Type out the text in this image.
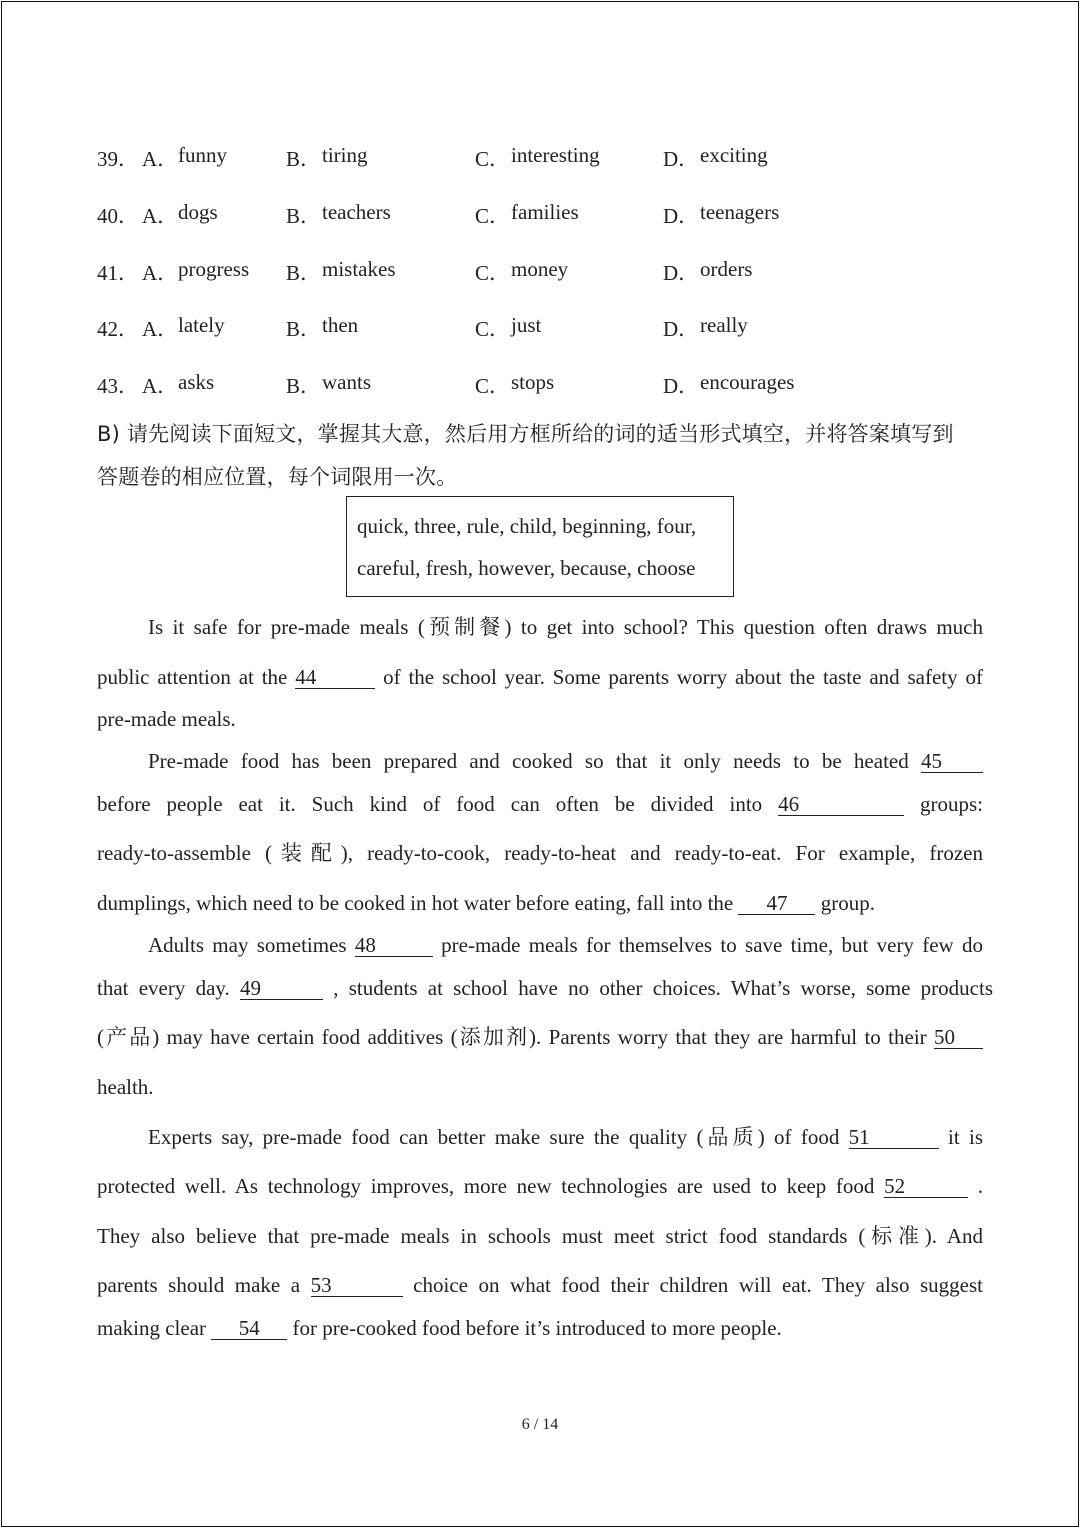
39． A． funny	B． tiring	C． interesting	D． exciting
40． A． dogs	B． teachers	C． families	D． teenagers
41． A． progress B． mistakes	C． money	D． orders
42． A． lately	B． then	C． just	D． really
43． A． asks	B． wants	C． stops	D． encourages
B) 请先阅读下面短文，掌握其大意，然后用方框所给的词的适当形式填空，并将答案填写到
答题卷的相应位置，每个词限用一次。
quick, three, rule, child, beginning, four,
careful, fresh, however, because, choose
Is it safe for pre-made meals (预制餐) to get into school? This question often draws much
public attention at the 44	of the school year. Some parents worry about the taste and safety of
pre-made meals.
Pre-made food has been prepared and cooked so that it only needs to be heated 45
before people eat it. Such kind of food can often be divided into 46	groups:
ready-to-assemble (装配), ready-to-cook, ready-to-heat and ready-to-eat. For example, frozen
dumplings, which need to be cooked in hot water before eating, fall into the 47 group.
Adults may sometimes 48	pre-made meals for themselves to save time, but very few do
that every day. 49	, students at school have no other choices. What’s worse, some products
(产品) may have certain food additives (添加剂). Parents worry that they are harmful to their 50
health.
Experts say, pre-made food can better make sure the quality (品质) of food 51	it is
protected well. As technology improves, more new technologies are used to keep food 52	.
They also believe that pre-made meals in schools must meet strict food standards (标准). And
parents should make a 53	choice on what food their children will eat. They also suggest
making clear 54 for pre-cooked food before it’s introduced to more people.
6 / 14
